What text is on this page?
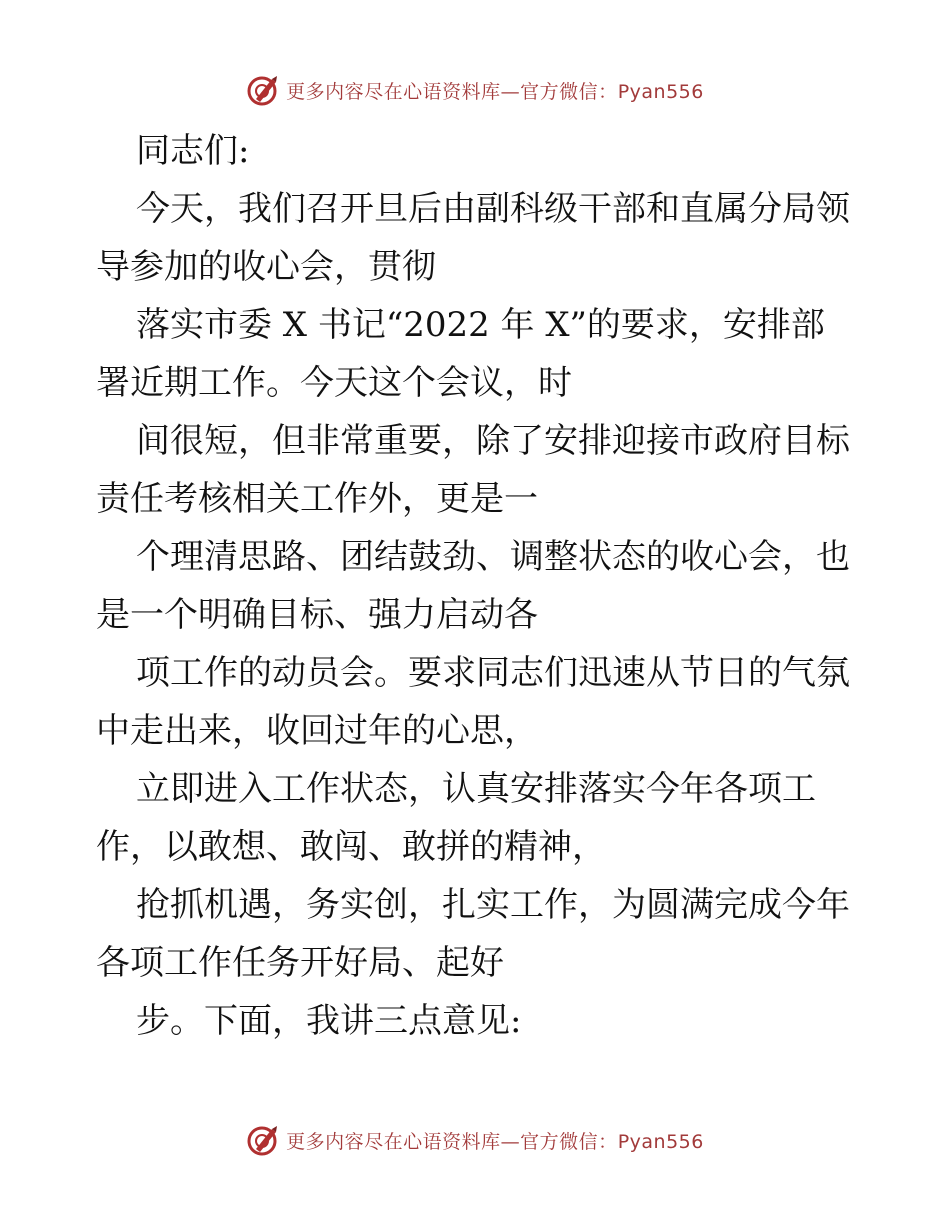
更多内容尽在心语资料库—官方微信：Pyan556

同志们:

今天，我们召开旦后由副科级干部和直属分局领

导参加的收心会，贯彻

落实市委 X 书记“2022 年 X”的要求，安排部

署近期工作。今天这个会议，时

间很短，但非常重要，除了安排迎接市政府目标

责任考核相关工作外，更是一

个理清思路、团结鼓劲、调整状态的收心会，也

是一个明确目标、强力启动各

项工作的动员会。要求同志们迅速从节日的气氛

中走出来，收回过年的心思，

立即进入工作状态，认真安排落实今年各项工

作，以敢想、敢闯、敢拼的精神，

抢抓机遇，务实创，扎实工作，为圆满完成今年

各项工作任务开好局、起好

步。下面，我讲三点意见:

更多内容尽在心语资料库—官方微信：Pyan556
